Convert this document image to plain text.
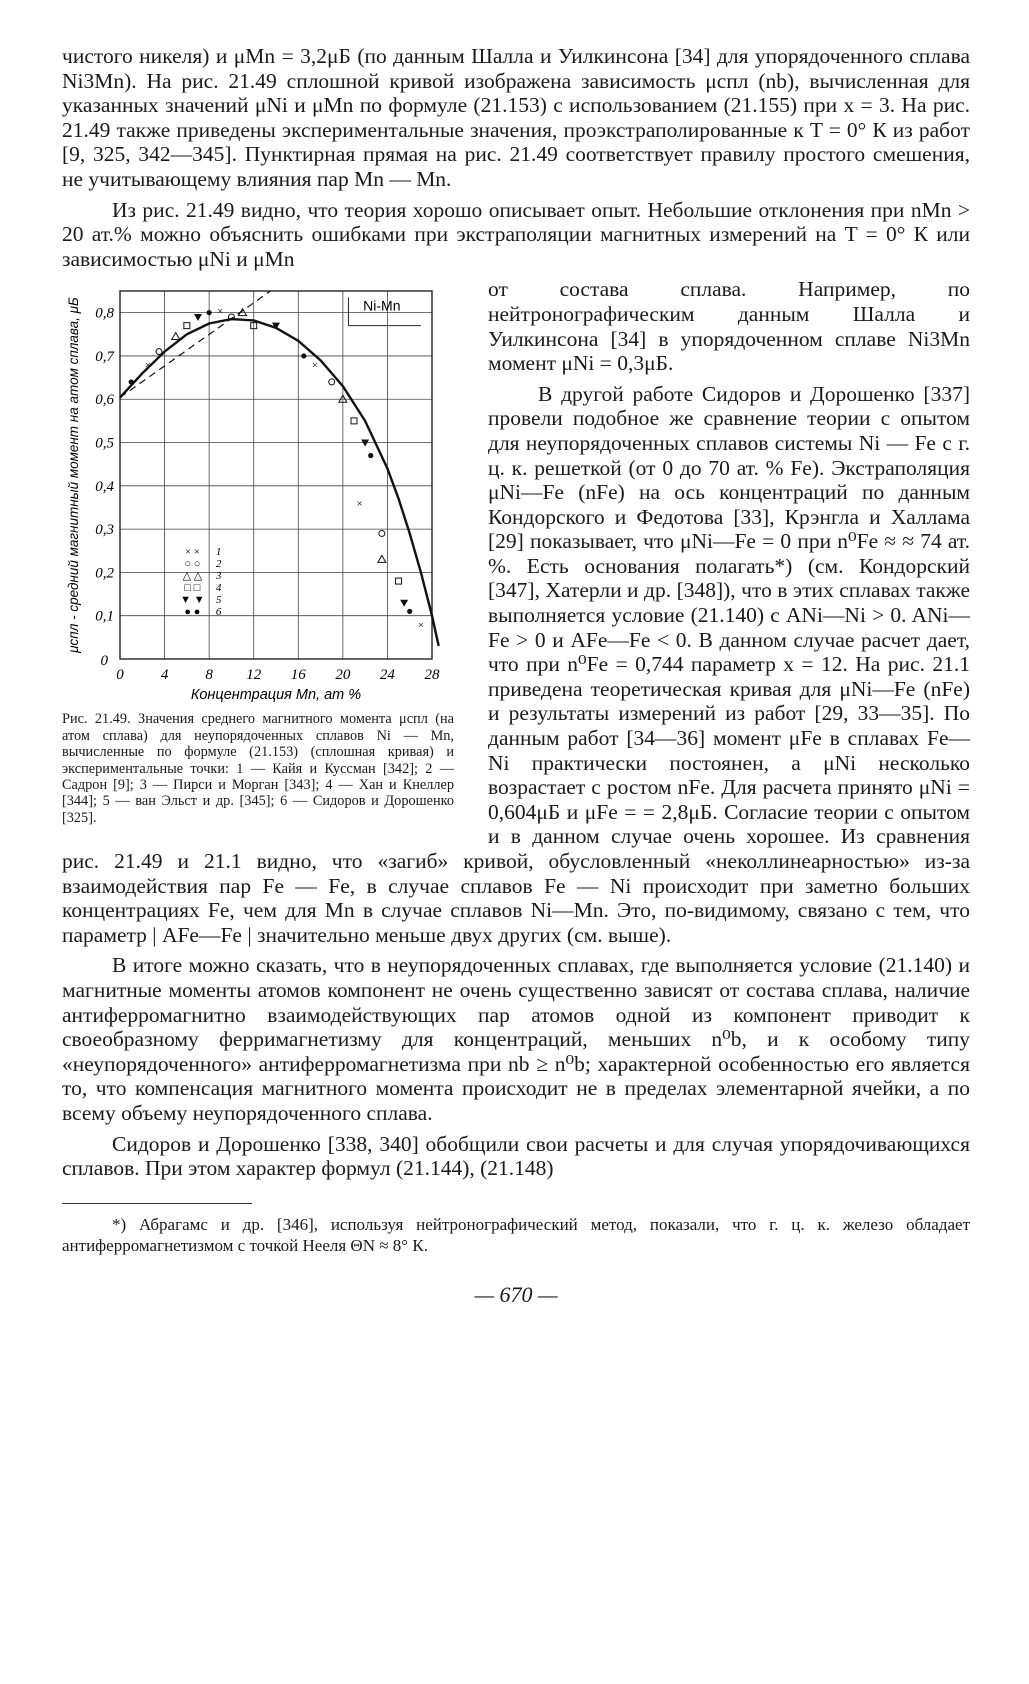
чистого никеля) и μMn = 3,2μБ (по данным Шалла и Уилкинсона [34] для упорядоченного сплава Ni3Mn). На рис. 21.49 сплошной кривой изображена зависимость μспл (nb), вычисленная для указанных значений μNi и μMn по формуле (21.153) с использованием (21.155) при x = 3. На рис. 21.49 также приведены экспериментальные значения, проэкстраполированные к T = 0° К из работ [9, 325, 342—345]. Пунктирная прямая на рис. 21.49 соответствует правилу простого смешения, не учитывающему влияния пар Mn — Mn.

Из рис. 21.49 видно, что теория хорошо описывает опыт. Небольшие отклонения при nMn > 20 ат.% можно объяснить ошибками при экстраполяции магнитных измерений на T = 0° К или зависимостью μNi и μMn

0 4 8 12 16 20 24 28
0,1
0,2
0,3
0,4
0,5
0,6
0,7
0,8
×
×
×
×
×
Ni-Mn
× × 1
○ ○ 2
△ △ 3
□ □ 4
▼ ▼ 5
● ● 6
Концентрация Mn, ат %
μспл - средний магнитный момент на атом сплава, μБ
0
Рис. 21.49. Значения среднего магнитного момента μспл (на атом сплава) для неупорядоченных сплавов Ni — Mn, вычисленные по формуле (21.153) (сплошная кривая) и экспериментальные точки: 1 — Кайя и Куссман [342]; 2 — Садрон [9]; 3 — Пирси и Морган [343]; 4 — Хан и Кнеллер [344]; 5 — ван Эльст и др. [345]; 6 — Сидоров и Дорошенко [325].

от состава сплава. Например, по нейтронографическим данным Шалла и Уилкинсона [34] в упорядоченном сплаве Ni3Mn момент μNi = 0,3μБ.

В другой работе Сидоров и Дорошенко [337] провели подобное же сравнение теории с опытом для неупорядоченных сплавов системы Ni — Fe с г. ц. к. решеткой (от 0 до 70 ат. % Fe). Экстраполяция μNi—Fe (nFe) на ось концентраций по данным Кондорского и Федотова [33], Крэнгла и Халлама [29] показывает, что μNi—Fe = 0 при n⁰Fe ≈ ≈ 74 ат. %. Есть основания полагать*) (см. Кондорский [347], Хатерли и др. [348]), что в этих сплавах также выполняется условие (21.140) с ANi—Ni > 0. ANi—Fe > 0 и AFe—Fe < 0. В данном случае расчет дает, что при n⁰Fe = 0,744 параметр x = 12. На рис. 21.1 приведена теоретическая кривая для μNi—Fe (nFe) и результаты измерений из работ [29, 33—35]. По данным работ [34—36] момент μFe в сплавах Fe—Ni практически постоянен, а μNi несколько возрастает с ростом nFe. Для расчета принято μNi = 0,604μБ и μFe = = 2,8μБ. Согласие теории с опытом и в данном случае очень хорошее. Из сравнения рис. 21.49 и 21.1 видно, что «загиб» кривой, обусловленный «неколлинеарностью» из-за взаимодействия пар Fe — Fe, в случае сплавов Fe — Ni происходит при заметно больших концентрациях Fe, чем для Mn в случае сплавов Ni—Mn. Это, по-видимому, связано с тем, что параметр | AFe—Fe | значительно меньше двух других (см. выше).

В итоге можно сказать, что в неупорядоченных сплавах, где выполняется условие (21.140) и магнитные моменты атомов компонент не очень существенно зависят от состава сплава, наличие антиферромагнитно взаимодействующих пар атомов одной из компонент приводит к своеобразному ферримагнетизму для концентраций, меньших n⁰b, и к особому типу «неупорядоченного» антиферромагнетизма при nb ≥ n⁰b; характерной особенностью его является то, что компенсация магнитного момента происходит не в пределах элементарной ячейки, а по всему объему неупорядоченного сплава.

Сидоров и Дорошенко [338, 340] обобщили свои расчеты и для случая упорядочивающихся сплавов. При этом характер формул (21.144), (21.148)

*) Абрагамс и др. [346], используя нейтронографический метод, показали, что г. ц. к. железо обладает антиферромагнетизмом с точкой Нееля ΘN ≈ 8° К.

— 670 —
